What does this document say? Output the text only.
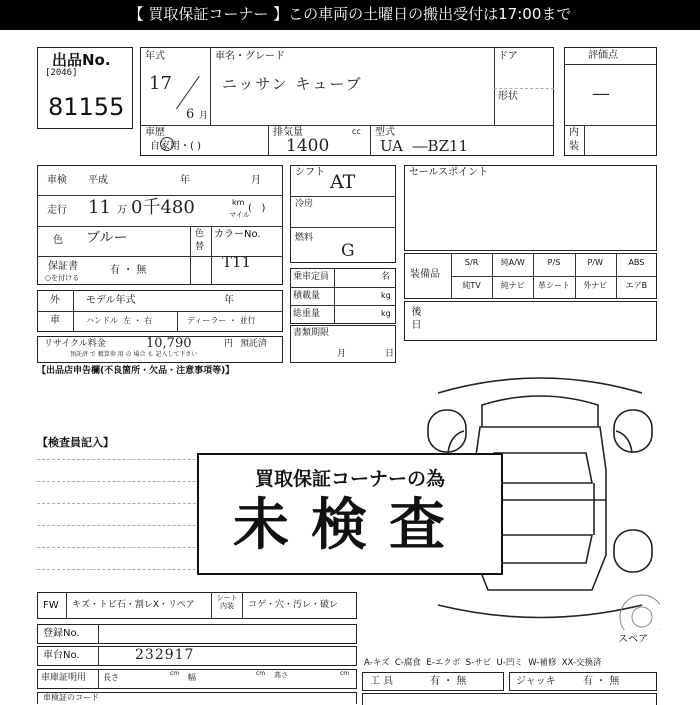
【 買取保証コーナー 】この車両の土曜日の搬出受付は17:00まで
出品No.
[2046]
81155
年式
17
6 月
車名・グレード
ニッサン キューブ
ドア
形状
車歴
自家用・( )
排気量	cc
1400
型式
UA  ―BZ11
評価点
—
内
装
車検 平成	年	月
走行 11 万 0千480	km
マイル
(   )
色 ブルー	色
替
カラーNo.
T11
保証書
○を付ける
有 ・ 無
外
車
モデル年式	年
ハンドル  左 ・ 右	ディーラー ・ 並行
リサイクル料金	10,790	円 預託済
預託済 で 精算券 用 の 場合 も 記入して下さい
シフト AT
冷房
燃料
G
乗車定員	名
積載量	kg
総重量	kg
書類期限
月	日
セールスポイント
装備品
S/R	純A/W	P/S	P/W	ABS
純TV	純ナビ	革シート	外ナビ	エアB
後日
【出品店申告欄(不良箇所・欠品・注意事項等)】
【検査員記入】
スペア
買取保証コーナーの為
未検査
FW キズ・トビ石・割レX・リペア
シート内装	コゲ・穴・汚レ・破レ
登録No.
車台No.	232917
車庫証明用 長さ	cm 幅	cm 高さ	cm
車検証のコード
A-キズ  C-腐食  E-エクボ  S-サビ  U-凹ミ  W-補修  XX-交換済
工 具	有 ・ 無	ジャッキ	有 ・ 無
